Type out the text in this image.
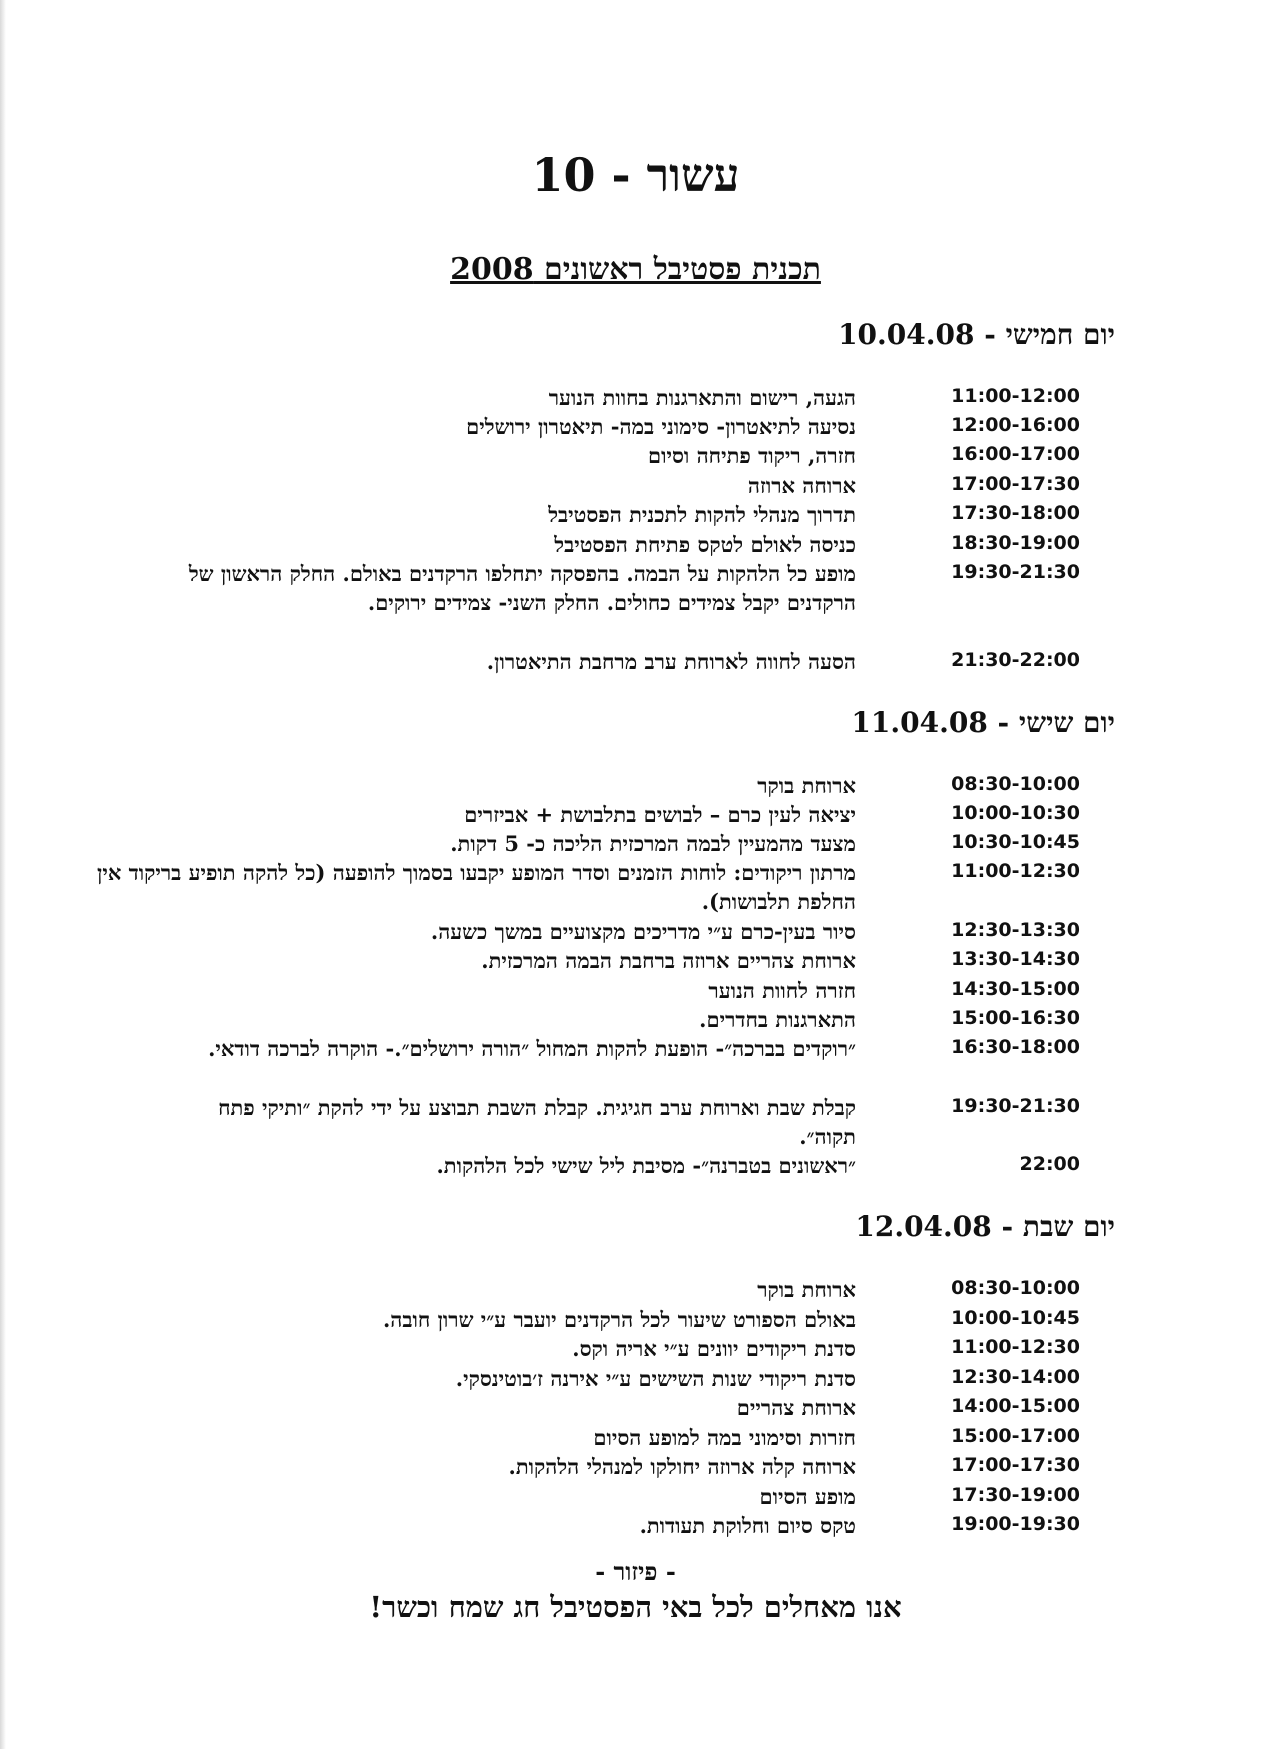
עשור - 10
תכנית פסטיבל ראשונים 2008
יום חמישי - 10.04.08
11:00-12:00
הגעה, רישום והתארגנות בחוות הנוער
12:00-16:00
נסיעה לתיאטרון- סימוני במה- תיאטרון ירושלים
16:00-17:00
חזרה, ריקוד פתיחה וסיום
17:00-17:30
ארוחה ארוזה
17:30-18:00
תדרוך מנהלי להקות לתכנית הפסטיבל
18:30-19:00
כניסה לאולם לטקס פתיחת הפסטיבל
19:30-21:30
מופע כל הלהקות על הבמה. בהפסקה יתחלפו הרקדנים באולם. החלק הראשון של הרקדנים יקבל צמידים כחולים. החלק השני- צמידים ירוקים.
21:30-22:00
הסעה לחווה לארוחת ערב מרחבת התיאטרון.
יום שישי - 11.04.08
08:30-10:00
ארוחת בוקר
10:00-10:30
יציאה לעין כרם – לבושים בתלבושת + אביזרים
10:30-10:45
מצעד מהמעיין לבמה המרכזית הליכה כ- 5 דקות.
11:00-12:30
מרתון ריקודים: לוחות הזמנים וסדר המופע יקבעו בסמוך להופעה (כל להקה תופיע בריקוד אין החלפת תלבושות).
12:30-13:30
סיור בעין-כרם ע״י מדריכים מקצועיים במשך כשעה.
13:30-14:30
ארוחת צהריים ארוזה ברחבת הבמה המרכזית.
14:30-15:00
חזרה לחוות הנוער
15:00-16:30
התארגנות בחדרים.
16:30-18:00
״רוקדים בברכה״- הופעת להקות המחול ״הורה ירושלים״.- הוקרה לברכה דודאי.
19:30-21:30
קבלת שבת וארוחת ערב חגיגית. קבלת השבת תבוצע על ידי להקת ״ותיקי פתח תקוה״.
22:00
״ראשונים בטברנה״- מסיבת ליל שישי לכל הלהקות.
יום שבת - 12.04.08
08:30-10:00
ארוחת בוקר
10:00-10:45
באולם הספורט שיעור לכל הרקדנים יועבר ע״י שרון חובה.
11:00-12:30
סדנת ריקודים יוונים ע״י אריה וקס.
12:30-14:00
סדנת ריקודי שנות השישים ע״י אירנה ז׳בוטינסקי.
14:00-15:00
ארוחת צהריים
15:00-17:00
חזרות וסימוני במה למופע הסיום
17:00-17:30
ארוחה קלה ארוזה יחולקו למנהלי הלהקות.
17:30-19:00
מופע הסיום
19:00-19:30
טקס סיום וחלוקת תעודות.
- פיזור -
אנו מאחלים לכל באי הפסטיבל חג שמח וכשר!
